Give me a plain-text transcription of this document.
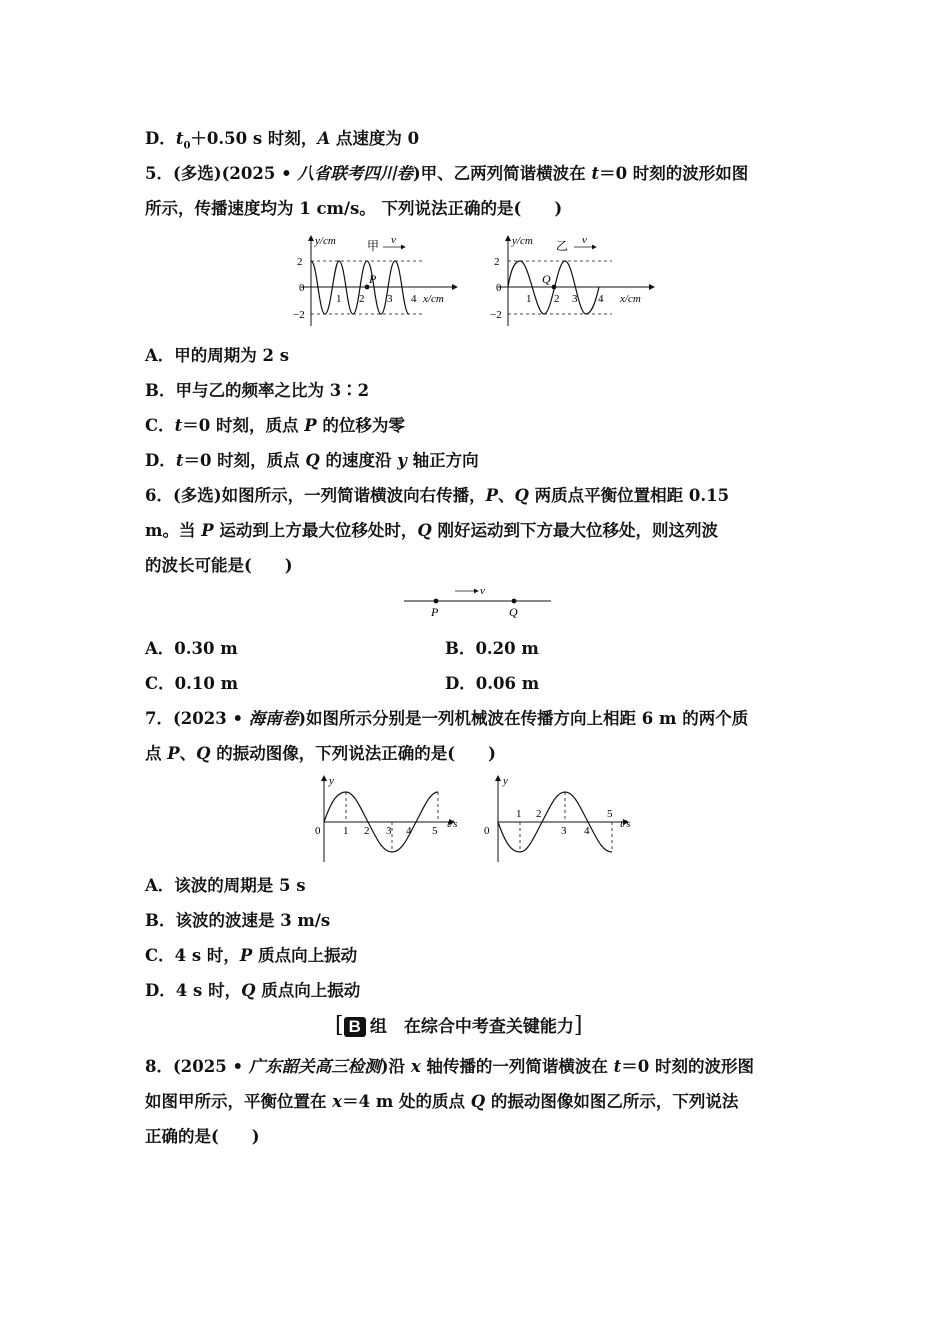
D．$t_0+0.50$ s 时刻，A 点速度为 0
5．(多选)(2025 • 八省联考四川卷)甲、乙两列简谐横波在 t＝0 时刻的波形如图
所示，传播速度均为 1 cm/s。 下列说法正确的是(　　)
y/cm	甲 v
P
2
0
−2
1 2 3 4 x/cm
y/cm 乙 v
Q
2
0
−2
1 2 3 4 x/cm
A．甲的周期为 2 s
B．甲与乙的频率之比为 3∶2
C．t＝0 时刻，质点 P 的位移为零
D．t＝0 时刻，质点 Q 的速度沿 y 轴正方向
6．(多选)如图所示，一列简谐横波向右传播，P、Q 两质点平衡位置相距 0.15
m。当 P 运动到上方最大位移处时，Q 刚好运动到下方最大位移处，则这列波
的波长可能是(　　)
v
P	Q
A．0.30 m	B．0.20 m
C．0.10 m	D．0.06 m
7．(2023 • 海南卷)如图所示分别是一列机械波在传播方向上相距 6 m 的两个质
点 P、Q 的振动图像，下列说法正确的是(　　)
y
0 1 2 3 4 5
t/s
y
0
1 2
3 4
5
t/s
A．该波的周期是 5 s
B．该波的波速是 3 m/s
C．4 s 时，P 质点向上振动
D．4 s 时，Q 质点向上振动
[ B 组　在综合中考查关键能力]
8．(2025 • 广东韶关高三检测)沿 x 轴传播的一列简谐横波在 t＝0 时刻的波形图
如图甲所示，平衡位置在 x＝4 m 处的质点 Q 的振动图像如图乙所示，下列说法
正确的是(　　)
